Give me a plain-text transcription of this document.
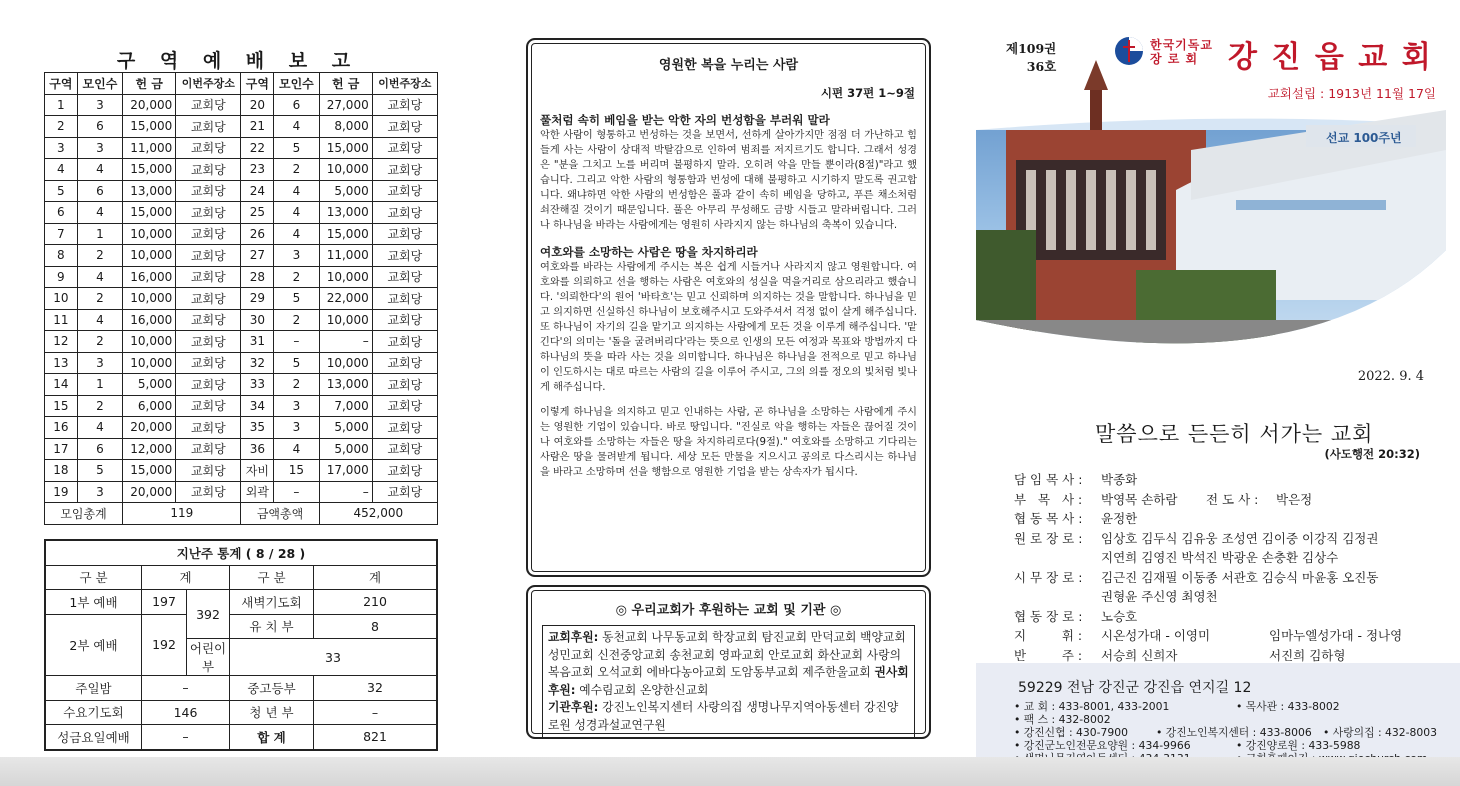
구 역 예 배 보 고
구역	모인수	헌 금	이번주장소	구역	모인수	헌 금	이번주장소
1	3	20,000	교회당	20	6	27,000	교회당
2	6	15,000	교회당	21	4	8,000	교회당
3	3	11,000	교회당	22	5	15,000	교회당
4	4	15,000	교회당	23	2	10,000	교회당
5	6	13,000	교회당	24	4	5,000	교회당
6	4	15,000	교회당	25	4	13,000	교회당
7	1	10,000	교회당	26	4	15,000	교회당
8	2	10,000	교회당	27	3	11,000	교회당
9	4	16,000	교회당	28	2	10,000	교회당
10	2	10,000	교회당	29	5	22,000	교회당
11	4	16,000	교회당	30	2	10,000	교회당
12	2	10,000	교회당	31	–	–	교회당
13	3	10,000	교회당	32	5	10,000	교회당
14	1	5,000	교회당	33	2	13,000	교회당
15	2	6,000	교회당	34	3	7,000	교회당
16	4	20,000	교회당	35	3	5,000	교회당
17	6	12,000	교회당	36	4	5,000	교회당
18	5	15,000	교회당	자비	15	17,000	교회당
19	3	20,000	교회당	외곽	–	–	교회당
모임총계		119		금액총액		452,000	
지난주 통계 ( 8 / 28 )				
구 분	계		구 분	계
1부 예배	197	392	새벽기도회	210
2부 예배	192		유 치 부	8
		어린이부	33	
주일밤	–		중고등부	32
수요기도회	146		청 년 부	–
성금요일예배	–		합 계	821
영원한 복을 누리는 사람
시편 37편 1~9절
풀처럼 속히 베임을 받는 악한 자의 번성함을 부러워 말라

악한 사람이 형통하고 번성하는 것을 보면서, 선하게 살아가지만 점점 더 가난하고 힘들게 사는 사람이 상대적 박탈감으로 인하여 범죄를 저지르기도 합니다. 그래서 성경은 "분을 그치고 노를 버리며 불평하지 말라. 오히려 악을 만들 뿐이라(8절)"라고 했습니다. 그리고 악한 사람의 형통함과 번성에 대해 불평하고 시기하지 말도록 권고합니다. 왜냐하면 악한 사람의 번성함은 풀과 같이 속히 베임을 당하고, 푸른 채소처럼 쇠잔해질 것이기 때문입니다. 풀은 아무리 무성해도 금방 시들고 말라버립니다. 그러나 하나님을 바라는 사람에게는 영원히 사라지지 않는 하나님의 축복이 있습니다.

여호와를 소망하는 사람은 땅을 차지하리라

여호와를 바라는 사람에게 주시는 복은 쉽게 시들거나 사라지지 않고 영원합니다. 여호와를 의뢰하고 선을 행하는 사람은 여호와의 성실을 먹을거리로 삼으리라고 했습니다. '의뢰한다'의 원어 '바타흐'는 믿고 신뢰하며 의지하는 것을 말합니다. 하나님을 믿고 의지하면 신실하신 하나님이 보호해주시고 도와주셔서 걱정 없이 살게 해주십니다. 또 하나님이 자기의 길을 맡기고 의지하는 사람에게 모든 것을 이루게 해주십니다. '맡긴다'의 의미는 '돌을 굴려버리다'라는 뜻으로 인생의 모든 여정과 목표와 방법까지 다 하나님의 뜻을 따라 사는 것을 의미합니다. 하나님은 하나님을 전적으로 믿고 하나님이 인도하시는 대로 따르는 사람의 길을 이루어 주시고, 그의 의를 정오의 빛처럼 빛나게 해주십니다.

이렇게 하나님을 의지하고 믿고 인내하는 사람, 곧 하나님을 소망하는 사람에게 주시는 영원한 기업이 있습니다. 바로 땅입니다. "진실로 악을 행하는 자들은 끊어질 것이나 여호와를 소망하는 자들은 땅을 차지하리로다(9절)." 여호와를 소망하고 기다리는 사람은 땅을 물려받게 됩니다. 세상 모든 만물을 지으시고 공의로 다스리시는 하나님을 바라고 소망하며 선을 행함으로 영원한 기업을 받는 상속자가 됩시다.

◎ 우리교회가 후원하는 교회 및 기관 ◎
교회후원: 동천교회 나무동교회 학장교회 탐진교회 만덕교회 백양교회 성민교회 신전중앙교회 송천교회 영파교회 안로교회 화산교회 사랑의복음교회 오석교회 에바다농아교회 도암동부교회 제주한울교회 권사회후원: 예수림교회 온양한신교회
기관후원: 강진노인복지센터 사랑의집 생명나무지역아동센터 강진양로원 성경과설교연구원
선교 100주년
제109권
36호
한국기독교
장 로 회 강 진 읍 교 회
교회설립 : 1913년 11월 17일
2022. 9. 4
말씀으로 든든히 서가는 교회
(사도행전 20:32)
담 임 목 사 :	박종화
부   목   사 :	박영목 손하람 전 도 사 : 박은정
협 동 목 사 :	윤정한
원 로 장 로 :	임상호 김두식 김유웅 조성연 김이중 이강직 김정권
지연희 김영진 박석진 박광운 손충환 김상수
시 무 장 로 :	김근진 김재필 이동종 서관호 김승식 마윤홍 오진동
권형윤 주신영 최영천
협 동 장 로 :	노승호
지         휘 :	시온성가대 - 이영미	임마누엘성가대 - 정나영
반         주 :	서승희 신희자	서진희 김하형
59229 전남 강진군 강진읍 연지길 12
• 교 회 : 433-8001, 433-2001	• 목사관 : 433-8002
• 팩 스 : 432-8002
• 강진신협 : 430-7900	• 강진노인복지센터 : 433-8006 • 사랑의집 : 432-8003
• 강진군노인전문요양원 : 434-9966	• 강진양로원 : 433-5988
